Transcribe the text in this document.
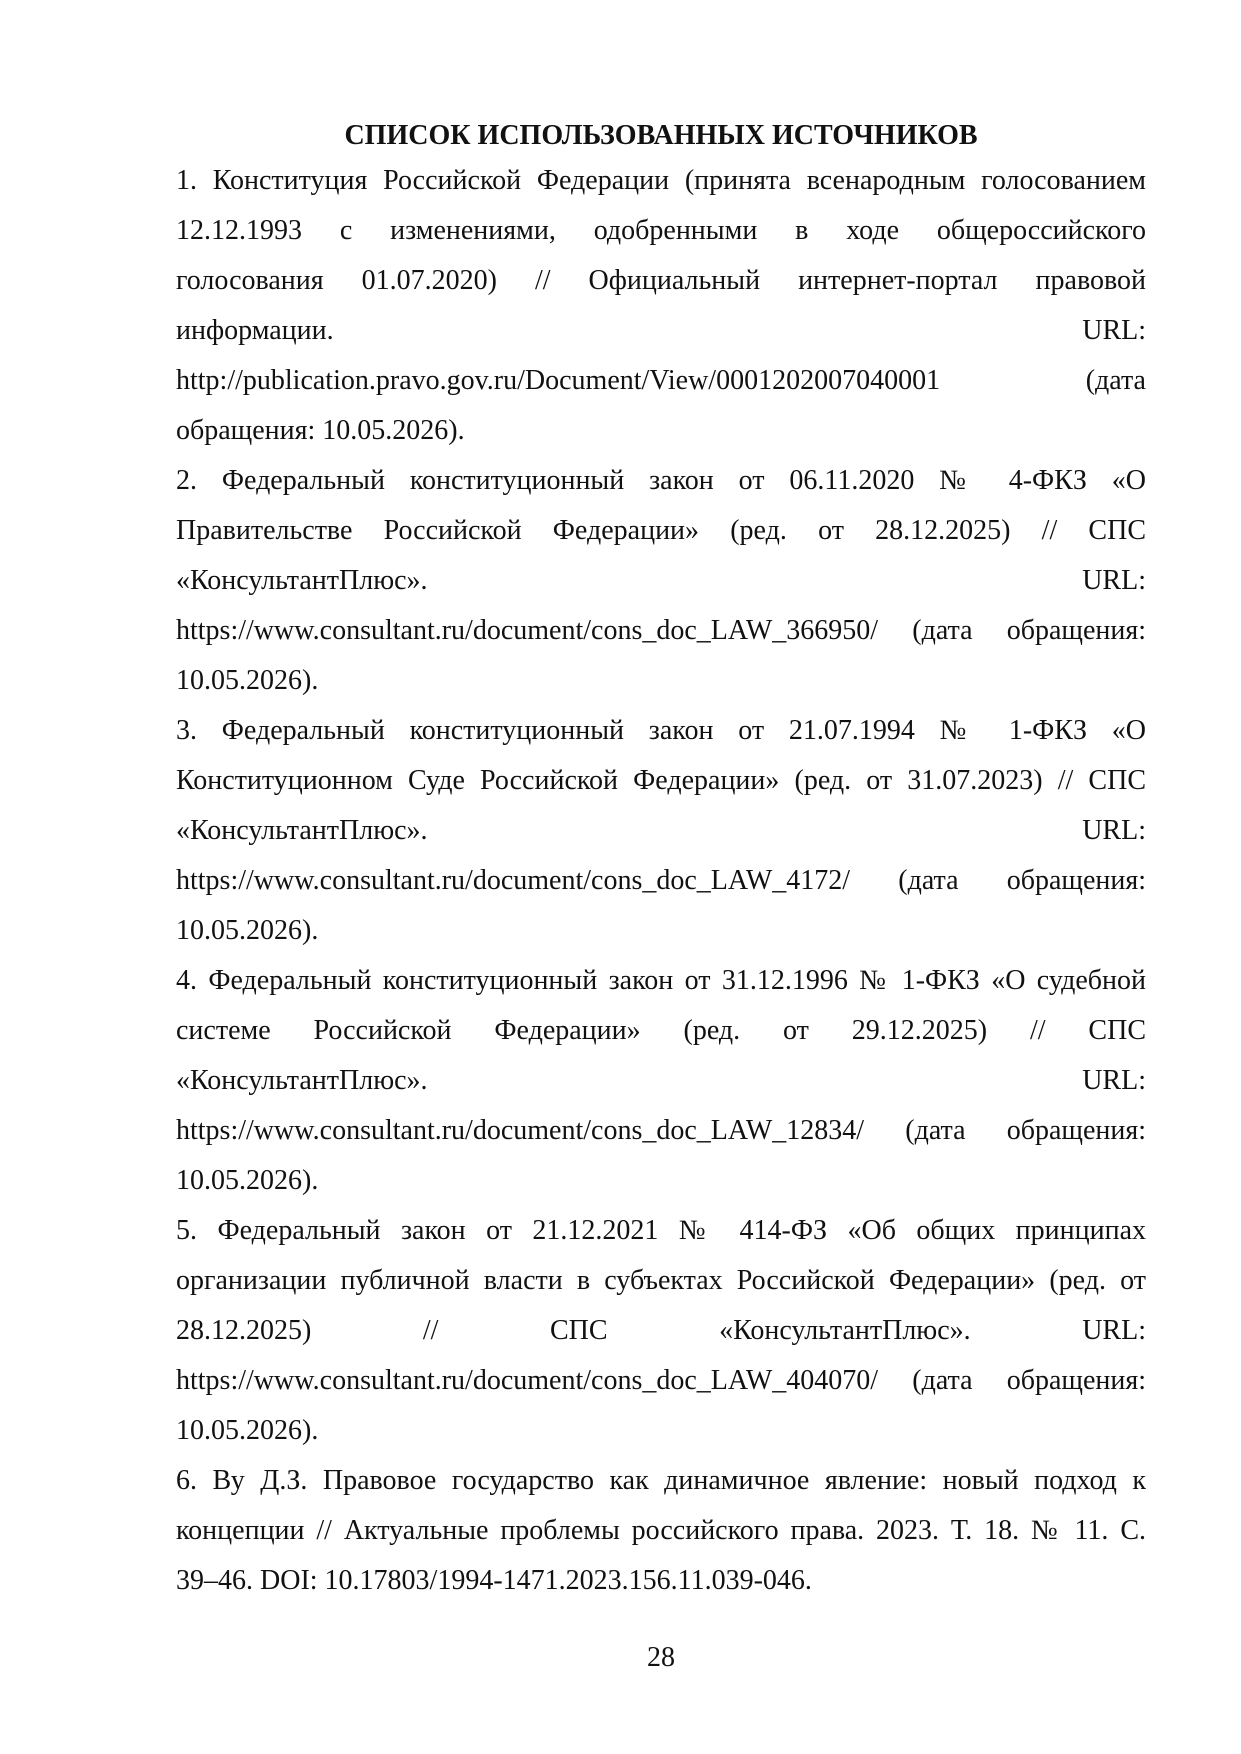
СПИСОК ИСПОЛЬЗОВАННЫХ ИСТОЧНИКОВ
1. Конституция Российской Федерации (принята всенародным голосованием
12.12.1993 с изменениями, одобренными в ходе общероссийского
голосования 01.07.2020) // Официальный интернет-портал правовой
информации. URL:
http://publication.pravo.gov.ru/Document/View/0001202007040001 (дата
обращения: 10.05.2026).
2. Федеральный конституционный закон от 06.11.2020 № 4-ФКЗ «О
Правительстве Российской Федерации» (ред. от 28.12.2025) // СПС
«КонсультантПлюс». URL:
https://www.consultant.ru/document/cons_doc_LAW_366950/ (дата обращения:
10.05.2026).
3. Федеральный конституционный закон от 21.07.1994 № 1-ФКЗ «О
Конституционном Суде Российской Федерации» (ред. от 31.07.2023) // СПС
«КонсультантПлюс». URL:
https://www.consultant.ru/document/cons_doc_LAW_4172/ (дата обращения:
10.05.2026).
4. Федеральный конституционный закон от 31.12.1996 № 1-ФКЗ «О судебной
системе Российской Федерации» (ред. от 29.12.2025) // СПС
«КонсультантПлюс». URL:
https://www.consultant.ru/document/cons_doc_LAW_12834/ (дата обращения:
10.05.2026).
5. Федеральный закон от 21.12.2021 № 414-ФЗ «Об общих принципах
организации публичной власти в субъектах Российской Федерации» (ред. от
28.12.2025) // СПС «КонсультантПлюс». URL:
https://www.consultant.ru/document/cons_doc_LAW_404070/ (дата обращения:
10.05.2026).
6. Ву Д.З. Правовое государство как динамичное явление: новый подход к
концепции // Актуальные проблемы российского права. 2023. Т. 18. № 11. С.
39–46. DOI: 10.17803/1994-1471.2023.156.11.039-046.
28
